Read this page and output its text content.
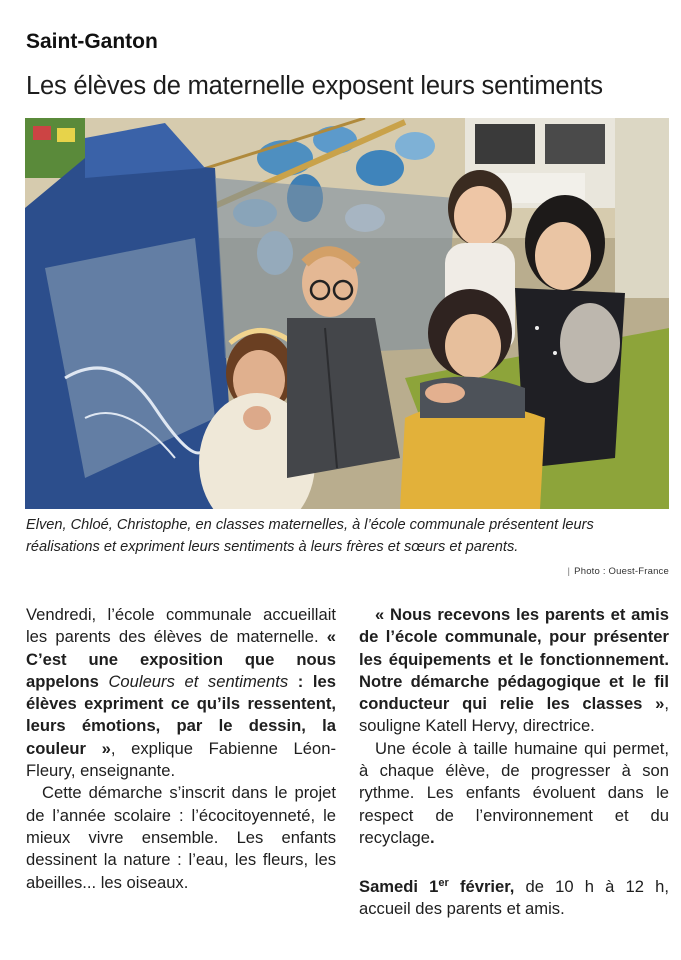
Saint-Ganton
Les élèves de maternelle exposent leurs sentiments
Elven, Chloé, Christophe, en classes maternelles, à l’école communale présentent leurs réalisations et expriment leurs sentiments à leurs frères et sœurs et parents.
| Photo : Ouest-France

Vendredi, l’école communale accueillait les parents des élèves de maternelle. « C’est une exposition que nous appelons Couleurs et sentiments : les élèves expriment ce qu’ils ressentent, leurs émotions, par le dessin, la couleur », explique Fabienne Léon-Fleury, enseignante.

Cette démarche s’inscrit dans le projet de l’année scolaire : l’écocitoyenneté, le mieux vivre ensemble. Les enfants dessinent la nature : l’eau, les fleurs, les abeilles... les oiseaux.

« Nous recevons les parents et amis de l’école communale, pour présenter les équipements et le fonctionnement. Notre démarche pédagogique et le fil conducteur qui relie les classes », souligne Katell Hervy, directrice.

Une école à taille humaine qui permet, à chaque élève, de progresser à son rythme. Les enfants évoluent dans le respect de l’environnement et du recyclage.

Samedi 1er février, de 10 h à 12 h, accueil des parents et amis.
